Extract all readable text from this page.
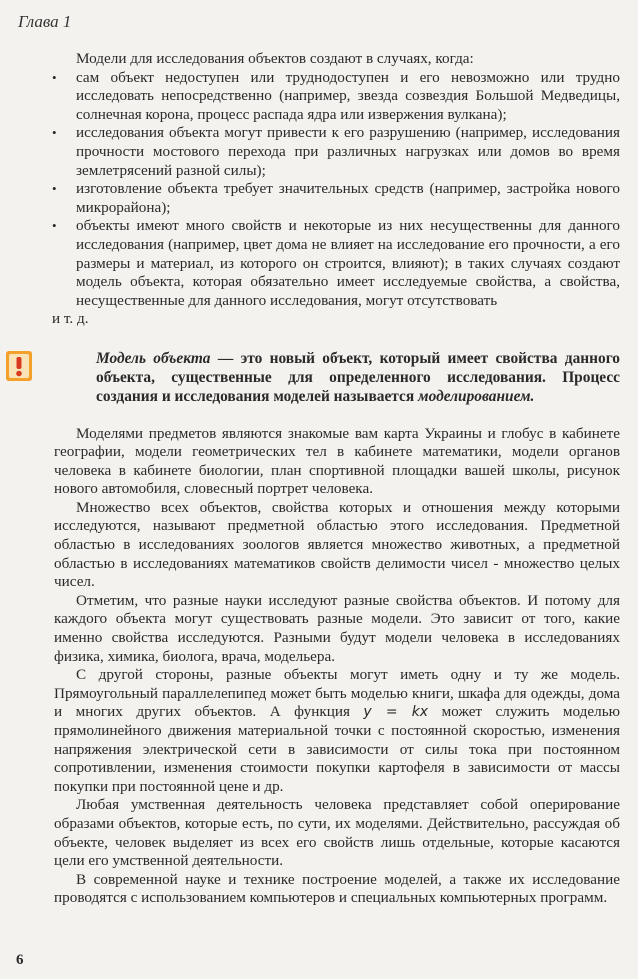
Глава 1

Модели для исследования объектов создают в случаях, когда:

• сам объект недоступен или труднодоступен и его невозможно или трудно исследовать непосредственно (например, звезда созвездия Большой Медведицы, солнечная корона, процесс распада ядра или извержения вулкана);
• исследования объекта могут привести к его разрушению (например, исследования прочности мостового перехода при различных нагрузках или домов во время землетрясений разной силы);
• изготовление объекта требует значительных средств (например, застройка нового микрорайона);
• объекты имеют много свойств и некоторые из них несущественны для данного исследования (например, цвет дома не влияет на исследование его прочности, а его размеры и материал, из которого он строится, влияют); в таких случаях создают модель объекта, которая обязательно имеет исследуемые свойства, а свойства, несущественные для данного исследования, могут отсутствовать

и т. д.

Модель объекта — это новый объект, который имеет свойства данного объекта, существенные для определенного исследования. Процесс создания и исследования моделей называется моделированием.

Моделями предметов являются знакомые вам карта Украины и глобус в кабинете географии, модели геометрических тел в кабинете математики, модели органов человека в кабинете биологии, план спортивной площадки вашей школы, рисунок нового автомобиля, словесный портрет человека.

Множество всех объектов, свойства которых и отношения между которыми исследуются, называют предметной областью этого исследования. Предметной областью в исследованиях зоологов является множество животных, а предметной областью в исследованиях математиков свойств делимости чисел - множество целых чисел.

Отметим, что разные науки исследуют разные свойства объектов. И потому для каждого объекта могут существовать разные модели. Это зависит от того, какие именно свойства исследуются. Разными будут модели человека в исследованиях физика, химика, биолога, врача, модельера.

С другой стороны, разные объекты могут иметь одну и ту же модель. Прямоугольный параллелепипед может быть моделью книги, шкафа для одежды, дома и многих других объектов. А функция y = kx может служить моделью прямолинейного движения материальной точки с постоянной скоростью, изменения напряжения электрической сети в зависимости от силы тока при постоянном сопротивлении, изменения стоимости покупки картофеля в зависимости от массы покупки при постоянной цене и др.

Любая умственная деятельность человека представляет собой оперирование образами объектов, которые есть, по сути, их моделями. Действительно, рассуждая об объекте, человек выделяет из всех его свойств лишь отдельные, которые касаются цели его умственной деятельности.

В современной науке и технике построение моделей, а также их исследование проводятся с использованием компьютеров и специальных компьютерных программ.

6
